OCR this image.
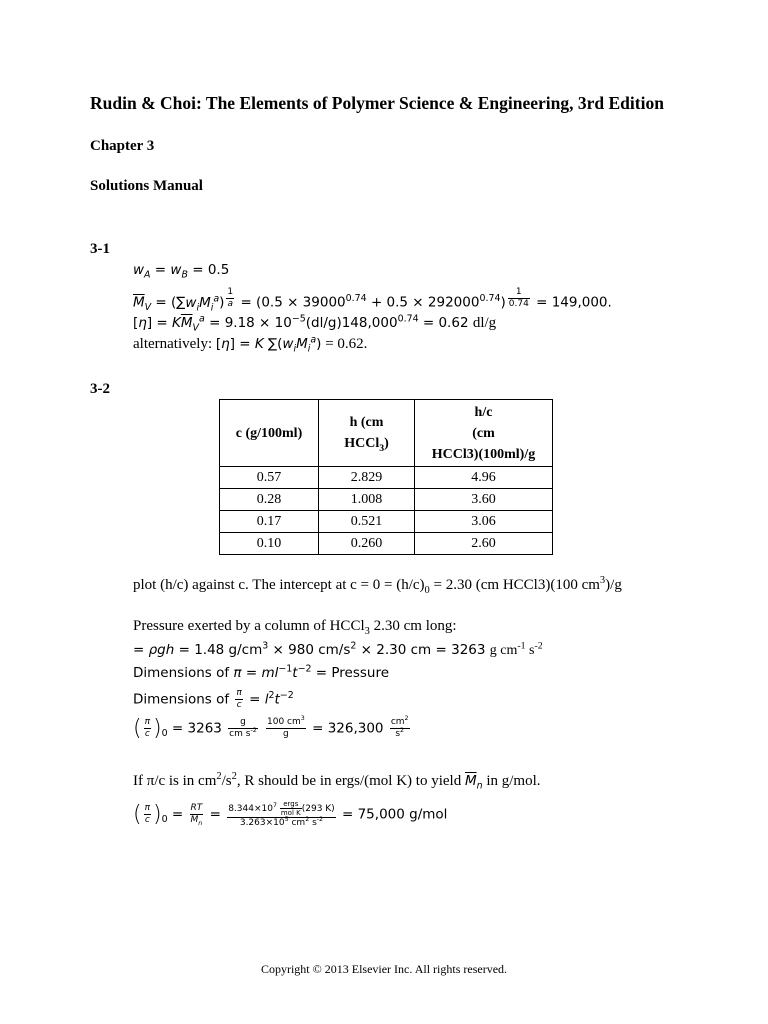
Rudin & Choi: The Elements of Polymer Science & Engineering, 3rd Edition
Chapter 3
Solutions Manual
3-1
$w_A = w_B = 0.5$
$\overline{M}_V = (\sum w_iM_i^a) ^{\frac{1}{a}} = (0.5 \times 39000^{0.74} + 0.5 \times 292000^{0.74}) ^{\frac{1}{0.74}} = 149,000$.
$[\eta] = K\overline{M}_V^a = 9.18 \times 10^{-5}(dl/g)148,000^{0.74} = 0.62$ dl/g
alternatively: [η] = K $\sum(w_iM_i^a) = 0.62$.
3-2
c (g/100ml)	h (cm
HCCl$_3$)	h/c
(cm
HCCl3)(100ml)/g
0.57	2.829	4.96
0.28	1.008	3.60
0.17	0.521	3.06
0.10	0.260	2.60
plot (h/c) against c. The intercept at $c = 0 = (h/c)_0 = 2.30$ (cm HCCl3)(100 $cm^3)/g$
Pressure exerted by a column of HCCl$_3$ 2.30 cm long:
= ρgh = 1.48 $g/cm^3 \times 980$ $cm/s^2 \times 2.30$ cm = 3263 g $cm^{-1}$ $s^{-2}$
Dimensions of $\pi = ml^{-1}t^{-2}$ = Pressure
Dimensions of $\frac{\pi}{c} = l^2t^{-2}$
( $\frac{\pi}{c} )_0 = 3263 \frac{g}{cm s^{-2}}$
$\frac{100 cm^3}{g} = 326,300 \frac{cm^2}{s^2}$
If π/c is in $cm^2/s^2$, R should be in ergs/(mol K) to yield $\overline{M}_n$ in g/mol.
( $\frac{\pi}{c} )_0 = \frac{RT}{\overline{M}_n} = \frac{8.344\times 10^7 \frac{\text{ergs}}{\text{mol K}} (293 K)}{3.263\times 10^5 cm^2 s^{-2}} = 75,000$ g/mol
Copyright © 2013 Elsevier Inc. All rights reserved.
